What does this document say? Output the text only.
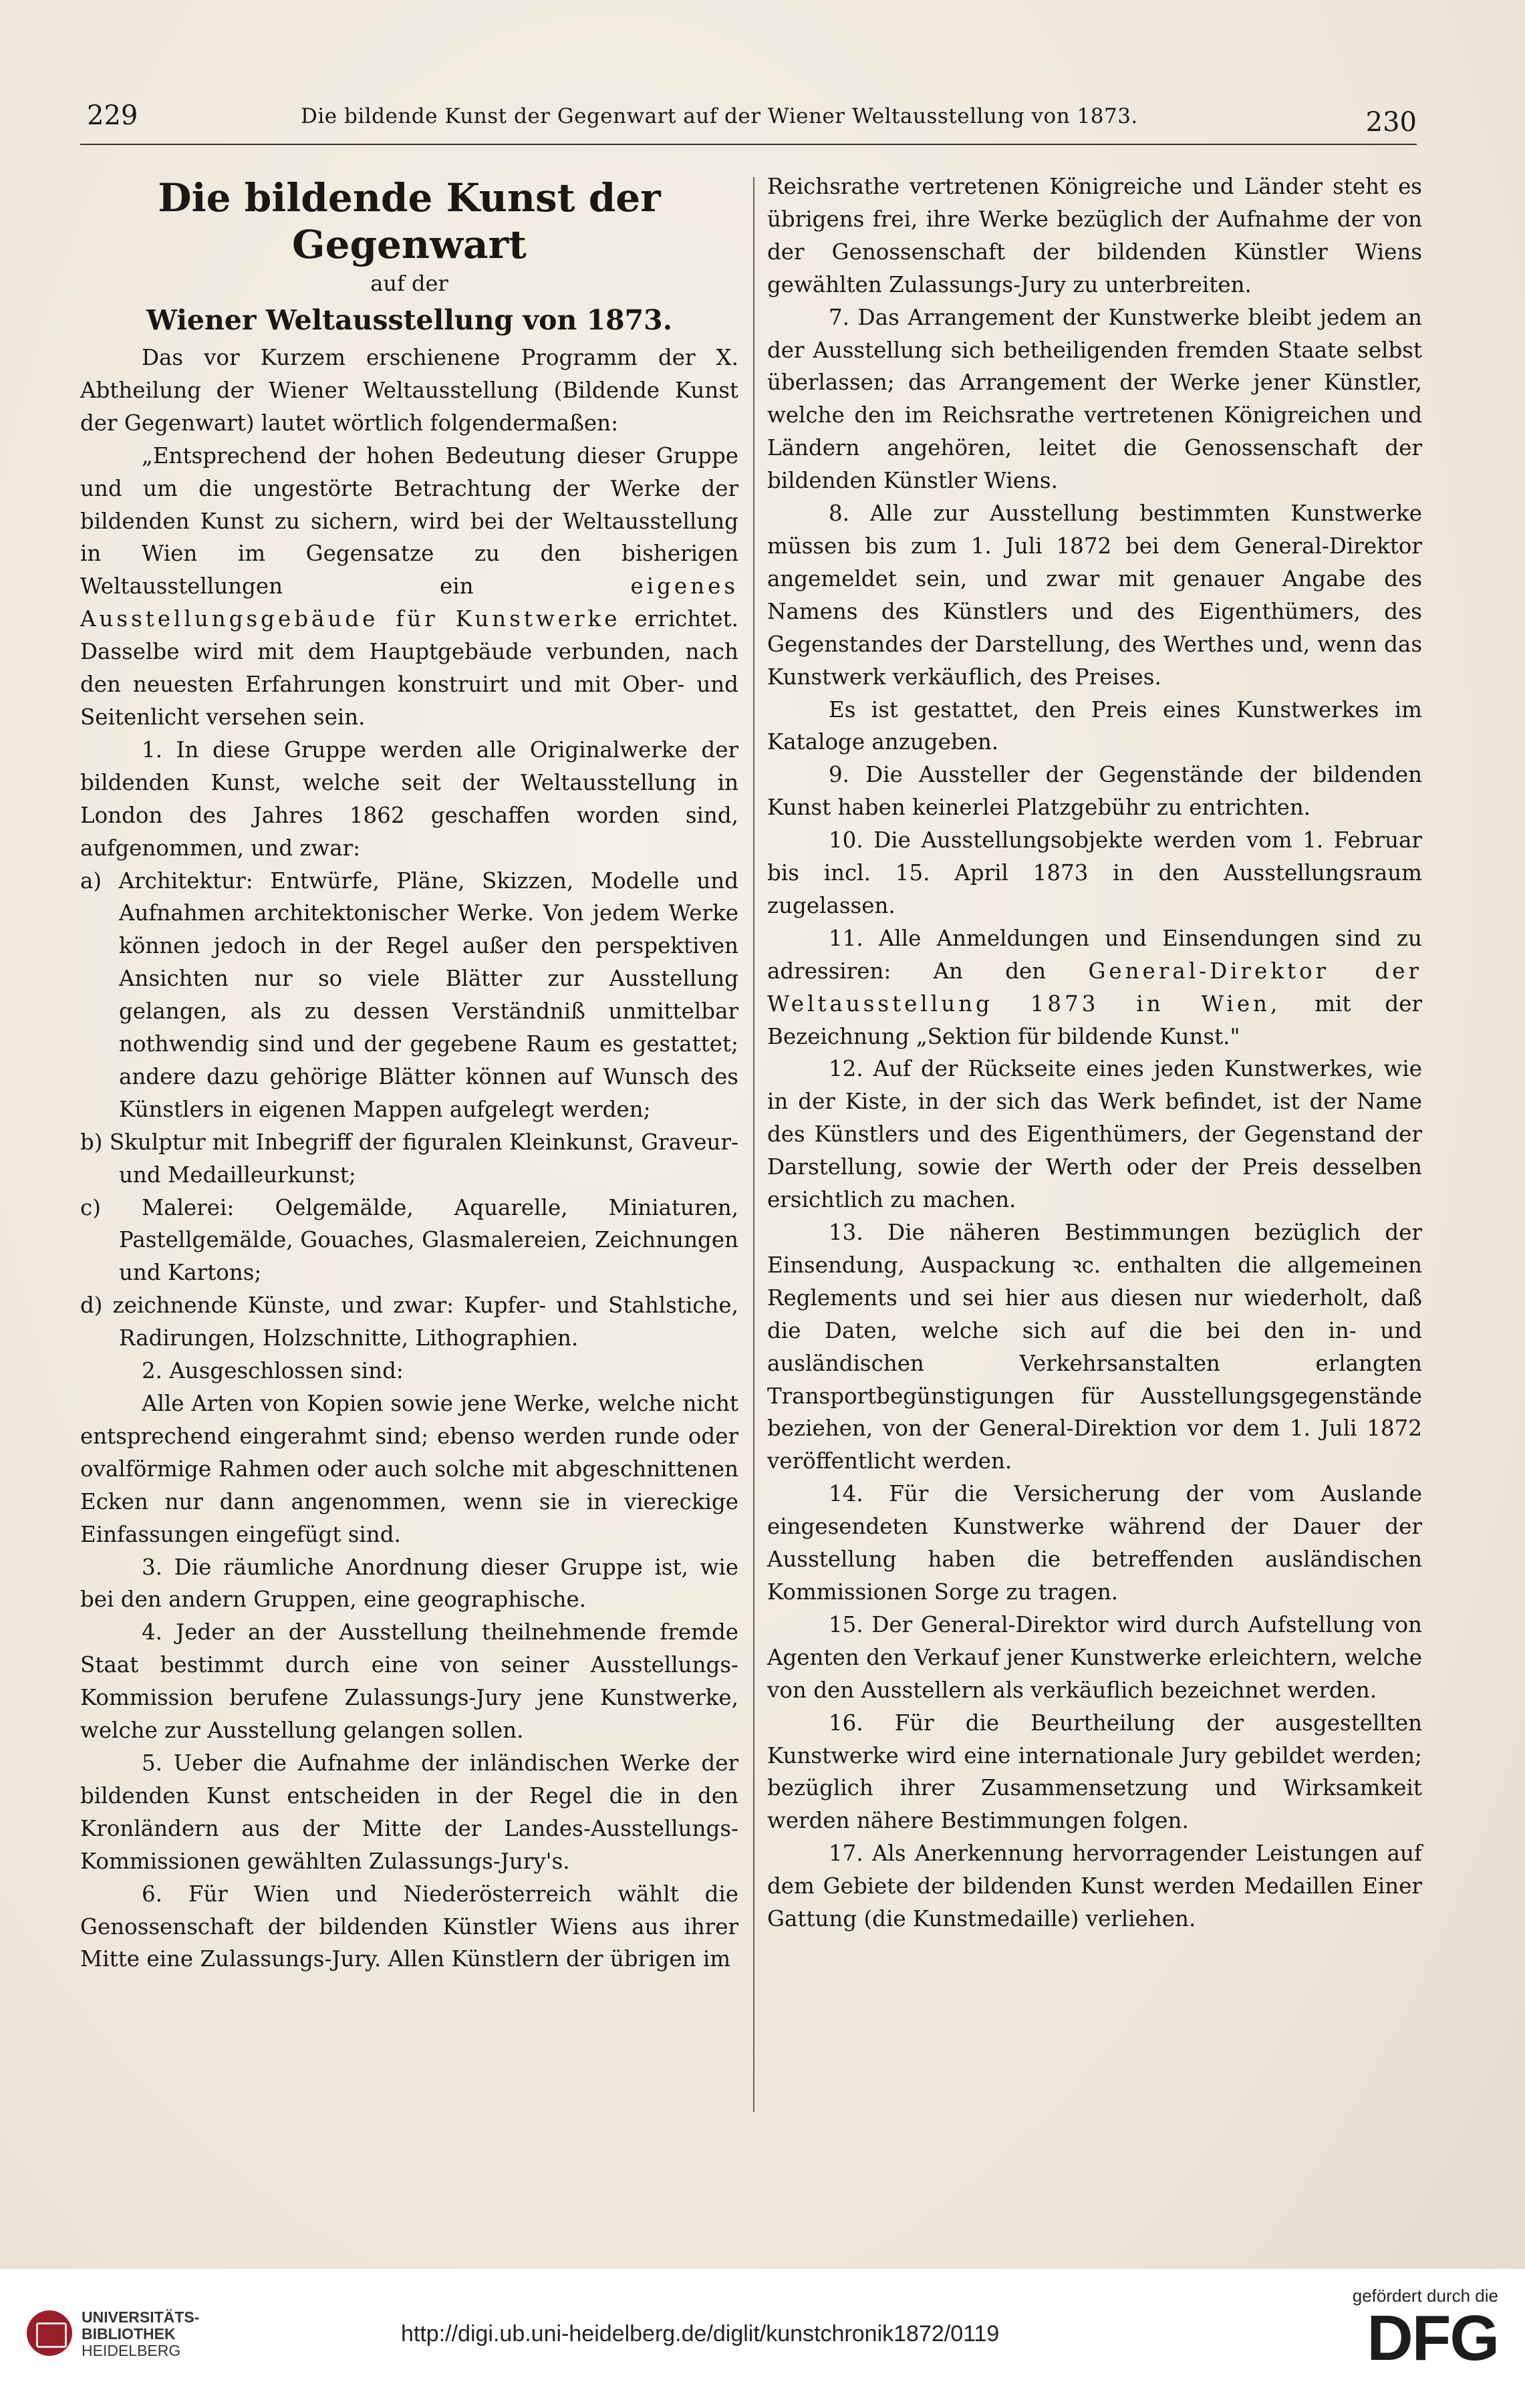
229	Die bildende Kunst der Gegenwart auf der Wiener Weltausstellung von 1873.	230

Die bildende Kunst der Gegenwart

auf der

Wiener Weltausstellung von 1873.

Das vor Kurzem erschienene Programm der X. Abtheilung der Wiener Weltausstellung (Bildende Kunst der Gegenwart) lautet wörtlich folgendermaßen:

„Entsprechend der hohen Bedeutung dieser Gruppe und um die ungestörte Betrachtung der Werke der bildenden Kunst zu sichern, wird bei der Weltausstellung in Wien im Gegensatze zu den bisherigen Weltausstellungen ein	eigenes Ausstellungsgebäude für Kunstwerke errichtet. Dasselbe wird mit dem Hauptgebäude verbunden, nach den neuesten Erfahrungen konstruirt und mit Ober- und Seitenlicht versehen sein.

1. In diese Gruppe werden alle Originalwerke der bildenden Kunst, welche seit der Weltausstellung in London des Jahres 1862 geschaffen worden sind, aufgenommen, und zwar:

a) Architektur: Entwürfe, Pläne, Skizzen, Modelle und Aufnahmen architektonischer Werke. Von jedem Werke können jedoch in der Regel außer den perspektiven Ansichten nur so viele Blätter zur Ausstellung gelangen, als zu dessen Verständniß unmittelbar nothwendig sind und der gegebene Raum es gestattet; andere dazu gehörige Blätter können auf Wunsch des Künstlers in eigenen Mappen aufgelegt werden;

b) Skulptur mit Inbegriff der figuralen Kleinkunst, Graveur- und Medailleurkunst;

c) Malerei: Oelgemälde, Aquarelle, Miniaturen, Pastellgemälde, Gouaches, Glasmalereien, Zeichnungen und Kartons;

d) zeichnende Künste, und zwar: Kupfer- und Stahlstiche, Radirungen, Holzschnitte, Lithographien.

2. Ausgeschlossen sind:

Alle Arten von Kopien sowie jene Werke, welche nicht entsprechend eingerahmt sind; ebenso werden runde oder ovalförmige Rahmen oder auch solche mit abgeschnittenen Ecken nur dann angenommen, wenn sie in viereckige Einfassungen eingefügt sind.

3. Die räumliche Anordnung dieser Gruppe ist, wie bei den andern Gruppen, eine geographische.

4. Jeder an der Ausstellung theilnehmende fremde Staat bestimmt durch eine von seiner Ausstellungs-Kommission berufene Zulassungs-Jury jene Kunstwerke, welche zur Ausstellung gelangen sollen.

5. Ueber die Aufnahme der inländischen Werke der bildenden Kunst entscheiden in der Regel die in den Kronländern aus der Mitte der Landes-Ausstellungs-Kommissionen gewählten Zulassungs-Jury's.

6. Für Wien und Niederösterreich wählt die Genossenschaft der bildenden Künstler Wiens aus ihrer Mitte eine Zulassungs-Jury. Allen Künstlern der übrigen im

Reichsrathe vertretenen Königreiche und Länder steht es übrigens frei, ihre Werke bezüglich der Aufnahme der von der Genossenschaft der bildenden Künstler Wiens gewählten Zulassungs-Jury zu unterbreiten.

7. Das Arrangement der Kunstwerke bleibt jedem an der Ausstellung sich betheiligenden fremden Staate selbst überlassen; das Arrangement der Werke jener Künstler, welche den im Reichsrathe vertretenen Königreichen und Ländern angehören, leitet die Genossenschaft der bildenden Künstler Wiens.

8. Alle zur Ausstellung bestimmten Kunstwerke müssen bis zum 1. Juli 1872 bei dem General-Direktor angemeldet sein, und zwar mit genauer Angabe des Namens des Künstlers und des Eigenthümers, des Gegenstandes der Darstellung, des Werthes und, wenn das Kunstwerk verkäuflich, des Preises.

Es ist gestattet, den Preis eines Kunstwerkes im Kataloge anzugeben.

9. Die Aussteller der Gegenstände der bildenden Kunst haben keinerlei Platzgebühr zu entrichten.

10. Die Ausstellungsobjekte werden vom 1. Februar bis incl. 15. April 1873 in den Ausstellungsraum zugelassen.

11. Alle Anmeldungen und Einsendungen sind zu adressiren: An den General-Direktor der Weltausstellung 1873 in Wien, mit der Bezeichnung „Sektion für bildende Kunst."

12. Auf der Rückseite eines jeden Kunstwerkes, wie in der Kiste, in der sich das Werk befindet, ist der Name des Künstlers und des Eigenthümers, der Gegenstand der Darstellung, sowie der Werth oder der Preis desselben ersichtlich zu machen.

13. Die näheren Bestimmungen bezüglich der Einsendung, Auspackung ꝛc. enthalten die allgemeinen Reglements und sei hier aus diesen nur wiederholt, daß die Daten, welche sich auf die bei den in- und ausländischen Verkehrsanstalten erlangten Transportbegünstigungen für Ausstellungsgegenstände beziehen, von der General-Direktion vor dem 1. Juli 1872 veröffentlicht werden.

14. Für die Versicherung der vom Auslande eingesendeten Kunstwerke während der Dauer der Ausstellung haben die betreffenden ausländischen Kommissionen Sorge zu tragen.

15. Der General-Direktor wird durch Aufstellung von Agenten den Verkauf jener Kunstwerke erleichtern, welche von den Ausstellern als verkäuflich bezeichnet werden.

16. Für die Beurtheilung der ausgestellten Kunstwerke wird eine internationale Jury gebildet werden; bezüglich ihrer Zusammensetzung und Wirksamkeit werden nähere Bestimmungen folgen.

17. Als Anerkennung hervorragender Leistungen auf dem Gebiete der bildenden Kunst werden Medaillen Einer Gattung (die Kunstmedaille) verliehen.

UNIVERSITÄTS-
BIBLIOTHEK
HEIDELBERG
http://digi.ub.uni-heidelberg.de/diglit/kunstchronik1872/0119
gefördert durch die
DFG
